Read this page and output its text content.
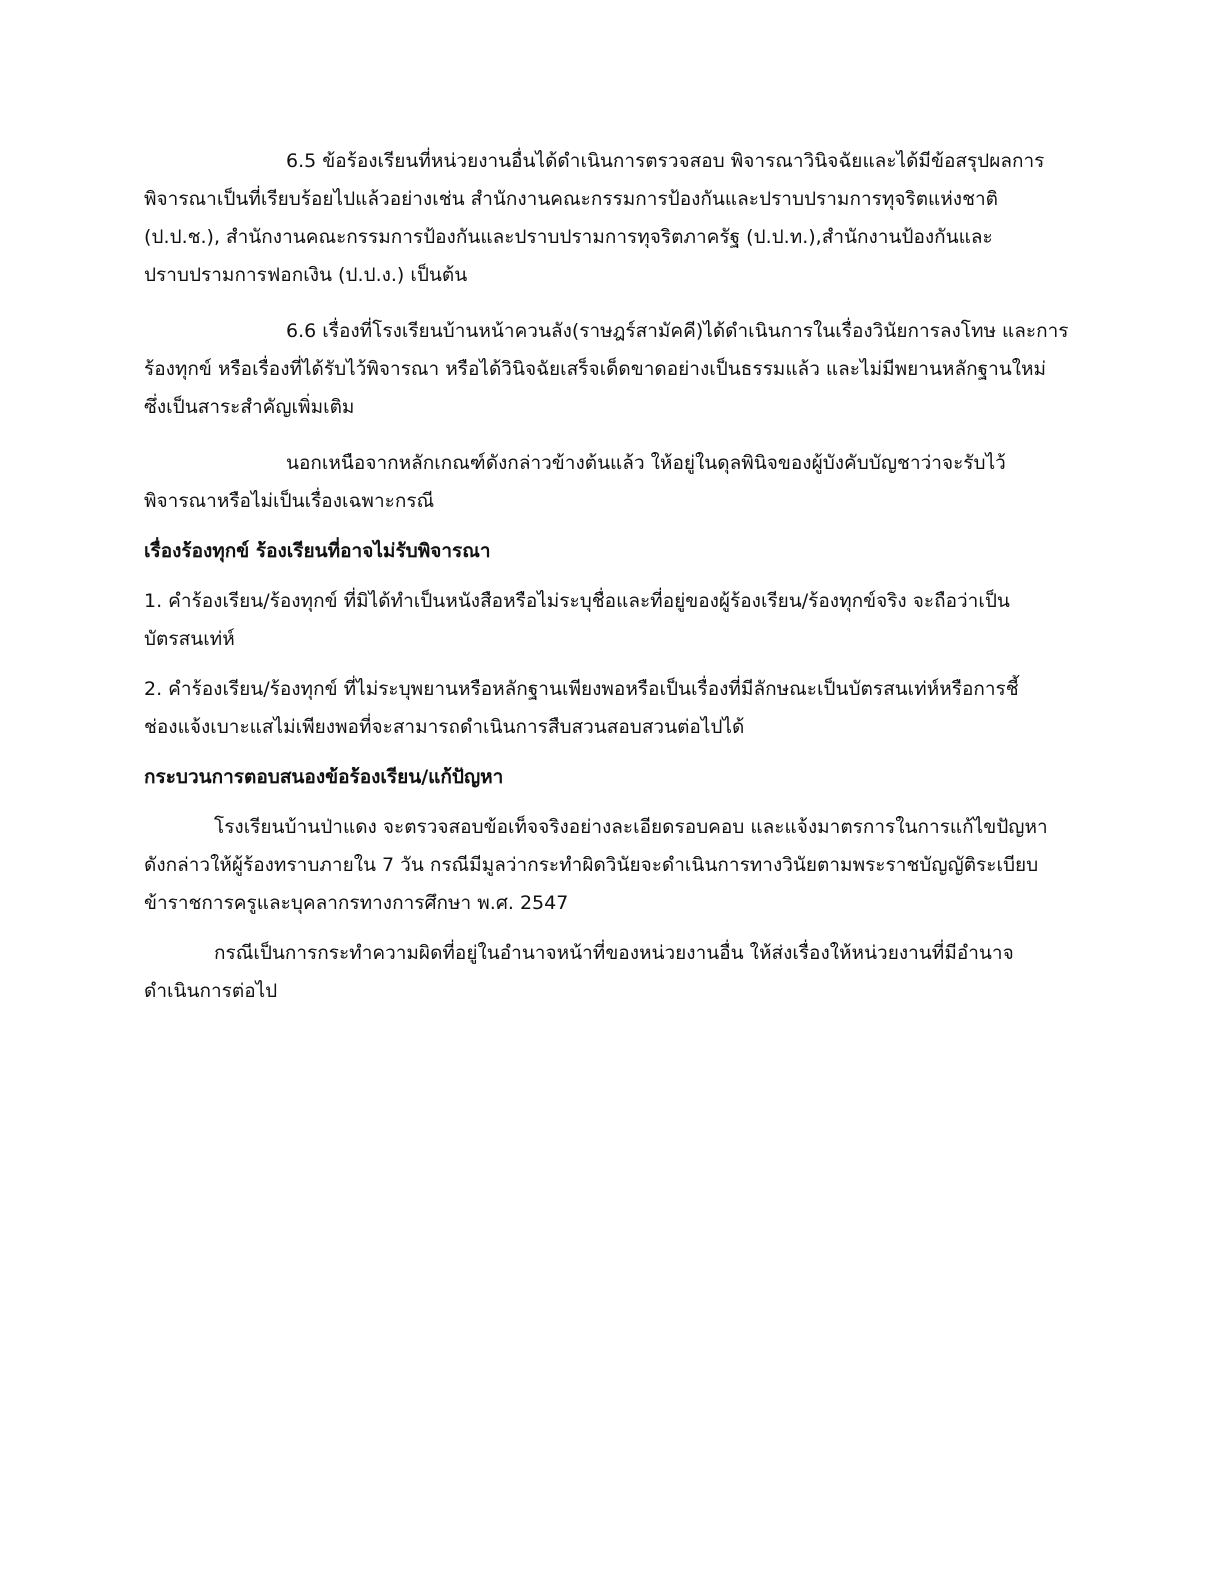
6.5 ข้อร้องเรียนที่หน่วยงานอื่นได้ดำเนินการตรวจสอบ พิจารณาวินิจฉัยและได้มีข้อสรุปผลการ
พิจารณาเป็นที่เรียบร้อยไปแล้วอย่างเช่น สำนักงานคณะกรรมการป้องกันและปราบปรามการทุจริตแห่งชาติ
(ป.ป.ช.), สำนักงานคณะกรรมการป้องกันและปราบปรามการทุจริตภาครัฐ (ป.ป.ท.),สำนักงานป้องกันและ
ปราบปรามการฟอกเงิน (ป.ป.ง.) เป็นต้น

6.6 เรื่องที่โรงเรียนบ้านหน้าควนลัง(ราษฎร์สามัคคี)ได้ดำเนินการในเรื่องวินัยการลงโทษ และการ
ร้องทุกข์ หรือเรื่องที่ได้รับไว้พิจารณา หรือได้วินิจฉัยเสร็จเด็ดขาดอย่างเป็นธรรมแล้ว และไม่มีพยานหลักฐานใหม่
ซึ่งเป็นสาระสำคัญเพิ่มเติม

นอกเหนือจากหลักเกณฑ์ดังกล่าวข้างต้นแล้ว ให้อยู่ในดุลพินิจของผู้บังคับบัญชาว่าจะรับไว้
พิจารณาหรือไม่เป็นเรื่องเฉพาะกรณี

เรื่องร้องทุกข์ ร้องเรียนที่อาจไม่รับพิจารณา

1. คำร้องเรียน/ร้องทุกข์ ที่มิได้ทำเป็นหนังสือหรือไม่ระบุชื่อและที่อยู่ของผู้ร้องเรียน/ร้องทุกข์จริง จะถือว่าเป็น
บัตรสนเท่ห์

2. คำร้องเรียน/ร้องทุกข์ ที่ไม่ระบุพยานหรือหลักฐานเพียงพอหรือเป็นเรื่องที่มีลักษณะเป็นบัตรสนเท่ห์หรือการชี้
ช่องแจ้งเบาะแสไม่เพียงพอที่จะสามารถดำเนินการสืบสวนสอบสวนต่อไปได้

กระบวนการตอบสนองข้อร้องเรียน/แก้ปัญหา

โรงเรียนบ้านป่าแดง จะตรวจสอบข้อเท็จจริงอย่างละเอียดรอบคอบ และแจ้งมาตรการในการแก้ไขปัญหา
ดังกล่าวให้ผู้ร้องทราบภายใน 7 วัน กรณีมีมูลว่ากระทำผิดวินัยจะดำเนินการทางวินัยตามพระราชบัญญัติระเบียบ
ข้าราชการครูและบุคลากรทางการศึกษา พ.ศ. 2547

กรณีเป็นการกระทำความผิดที่อยู่ในอำนาจหน้าที่ของหน่วยงานอื่น ให้ส่งเรื่องให้หน่วยงานที่มีอำนาจ
ดำเนินการต่อไป
